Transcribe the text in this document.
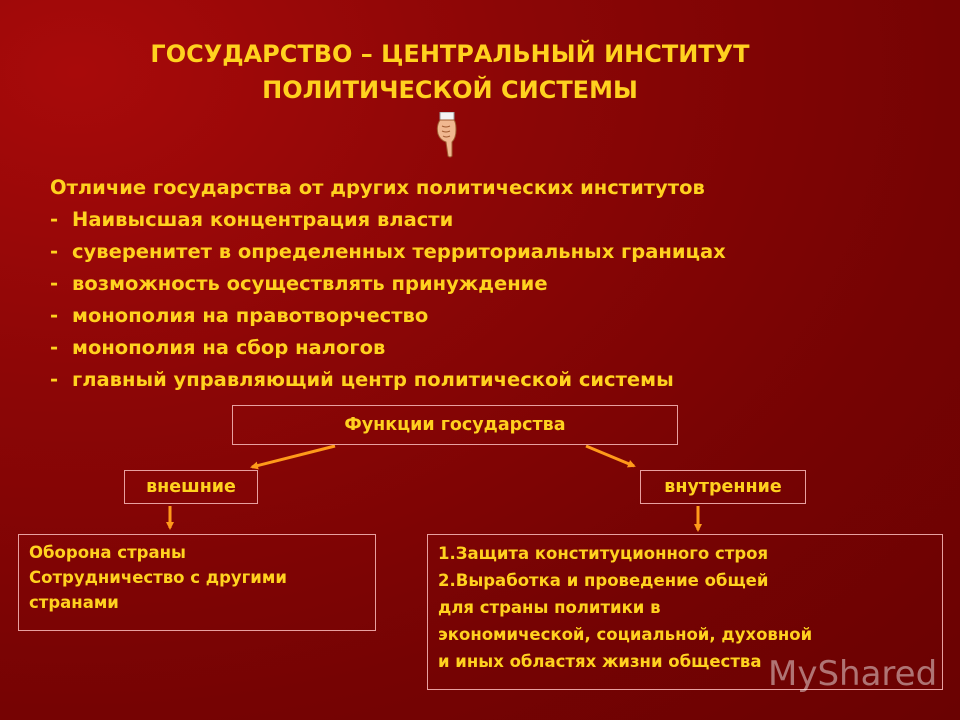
ГОСУДАРСТВО – ЦЕНТРАЛЬНЫЙ ИНСТИТУТ
ПОЛИТИЧЕСКОЙ СИСТЕМЫ
Отличие государства от других политических институтов
- Наивысшая концентрация власти
- суверенитет в определенных территориальных границах
- возможность осуществлять принуждение
- монополия на правотворчество
- монополия на сбор налогов
- главный управляющий центр политической системы
Функции государства
внешние	внутренние
Оборона страны
Сотрудничество с другими
странами
1.Защита конституционного строя
2.Выработка и проведение общей
для страны политики в
экономической, социальной, духовной
и иных областях жизни общества MyShared
